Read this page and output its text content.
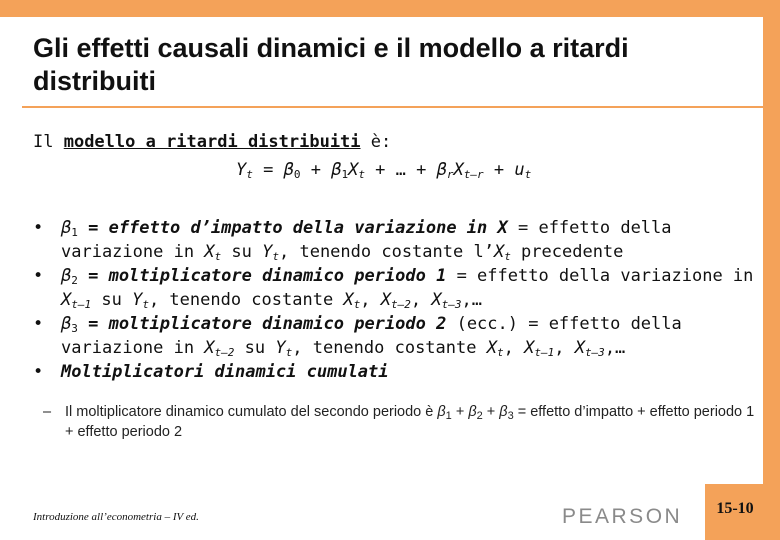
Gli effetti causali dinamici e il modello a ritardi distribuiti
Il modello a ritardi distribuiti è:
$Y_t = \beta_0 + \beta_1X_t$ + … + $\beta_rX_{t-r} + u_t$
• $\beta_1$ = effetto d’impatto della variazione in X = effetto della variazione in $X_t$ su $Y_t$, tenendo costante $l’X_t$ precedente
• $\beta_2$ = moltiplicatore dinamico periodo 1 = effetto della variazione in $X_{t-1}$ su $Y_t$, tenendo costante $X_t$, $X_{t-2}$, $X_{t-3},\dots$
• $\beta_3$ = moltiplicatore dinamico periodo 2 (ecc.) = effetto della variazione in $X_{t-2}$ su $Y_t$, tenendo costante $X_t$, $X_{t-1}$, $X_{t-3},\dots$
• Moltiplicatori dinamici cumulati
– Il moltiplicatore dinamico cumulato del secondo periodo è $\beta_1 + \beta_2 + \beta_3$ = effetto d’impatto + effetto periodo 1 + effetto periodo 2
Introduzione all’econometria – IV ed.	PEARSON	15-10
